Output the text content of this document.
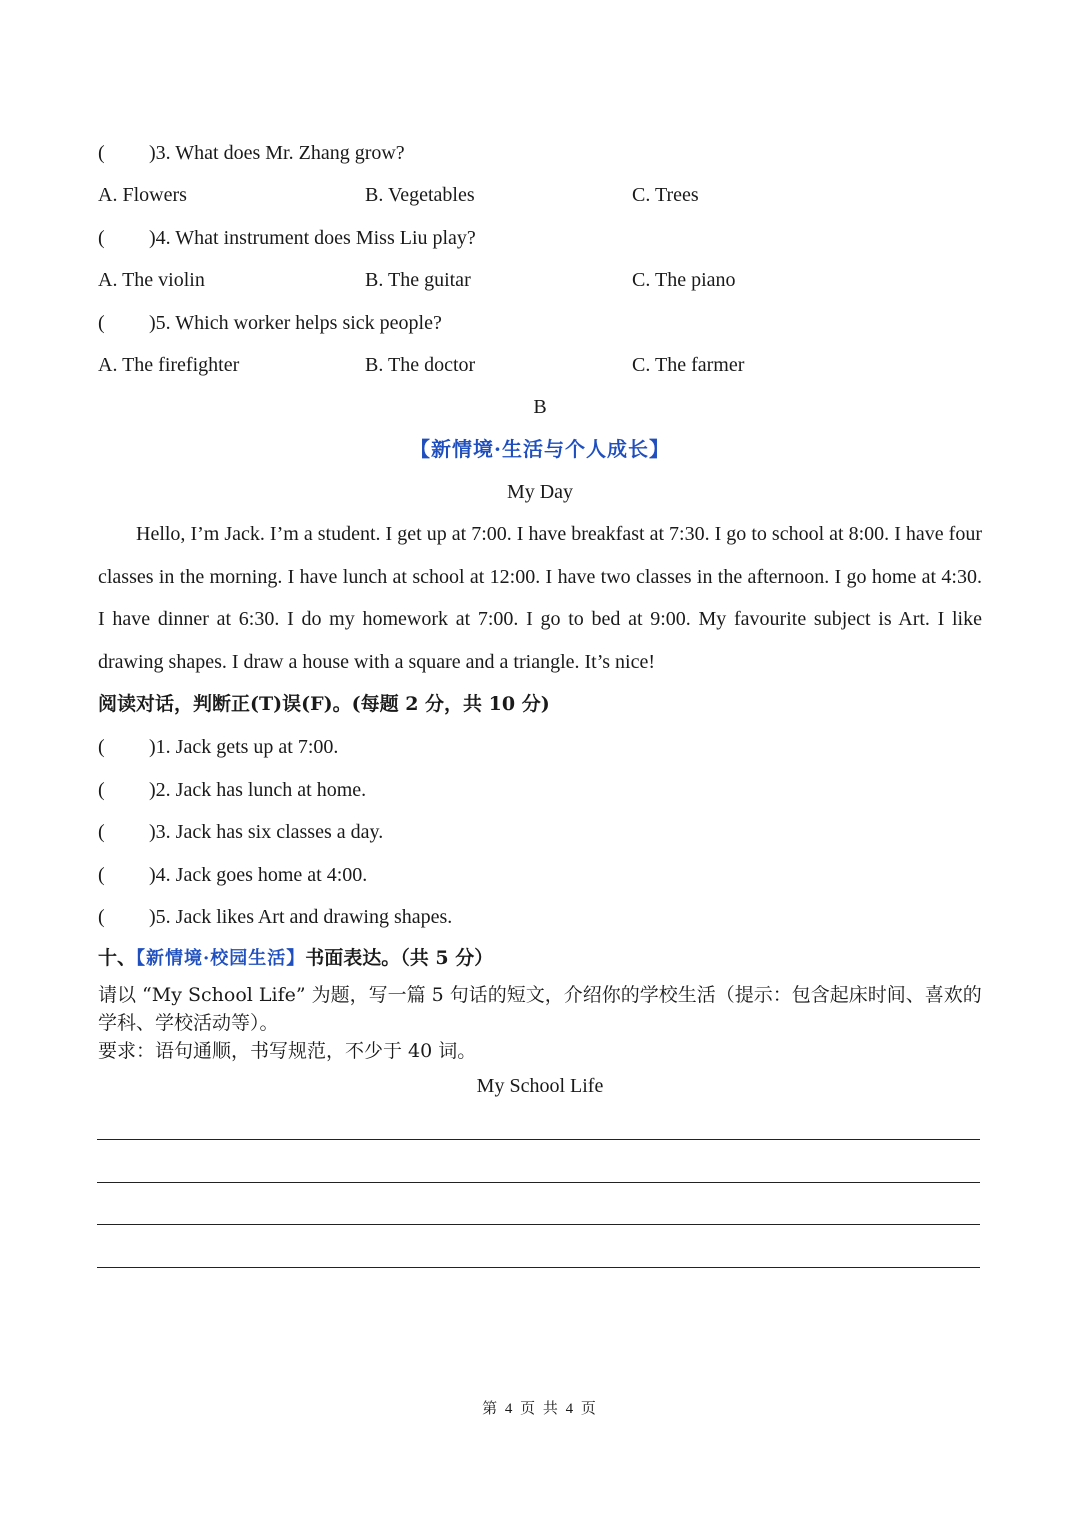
( )3. What does Mr. Zhang grow?
A. Flowers	B. Vegetables	C. Trees
( )4. What instrument does Miss Liu play?
A. The violin	B. The guitar	C. The piano
( )5. Which worker helps sick people?
A. The firefighter	B. The doctor	C. The farmer
B
【新情境·生活与个人成长】
My Day
Hello, I’m Jack. I’m a student. I get up at 7:00. I have breakfast at 7:30. I go to school at 8:00. I have four classes in the morning. I have lunch at school at 12:00. I have two classes in the afternoon. I go home at 4:30. I have dinner at 6:30. I do my homework at 7:00. I go to bed at 9:00. My favourite subject is Art. I like drawing shapes. I draw a house with a square and a triangle. It’s nice!
阅读对话，判断正(T)误(F)。(每题 2 分，共 10 分)
( )1. Jack gets up at 7:00.
( )2. Jack has lunch at home.
( )3. Jack has six classes a day.
( )4. Jack goes home at 4:00.
( )5. Jack likes Art and drawing shapes.
十、【新情境·校园生活】书面表达。（共 5 分）
请以 “My School Life” 为题，写一篇 5 句话的短文，介绍你的学校生活（提示：包含起床时间、喜欢的学科、学校活动等）。
要求：语句通顺，书写规范，不少于 40 词。
My School Life
第 4 页 共 4 页
